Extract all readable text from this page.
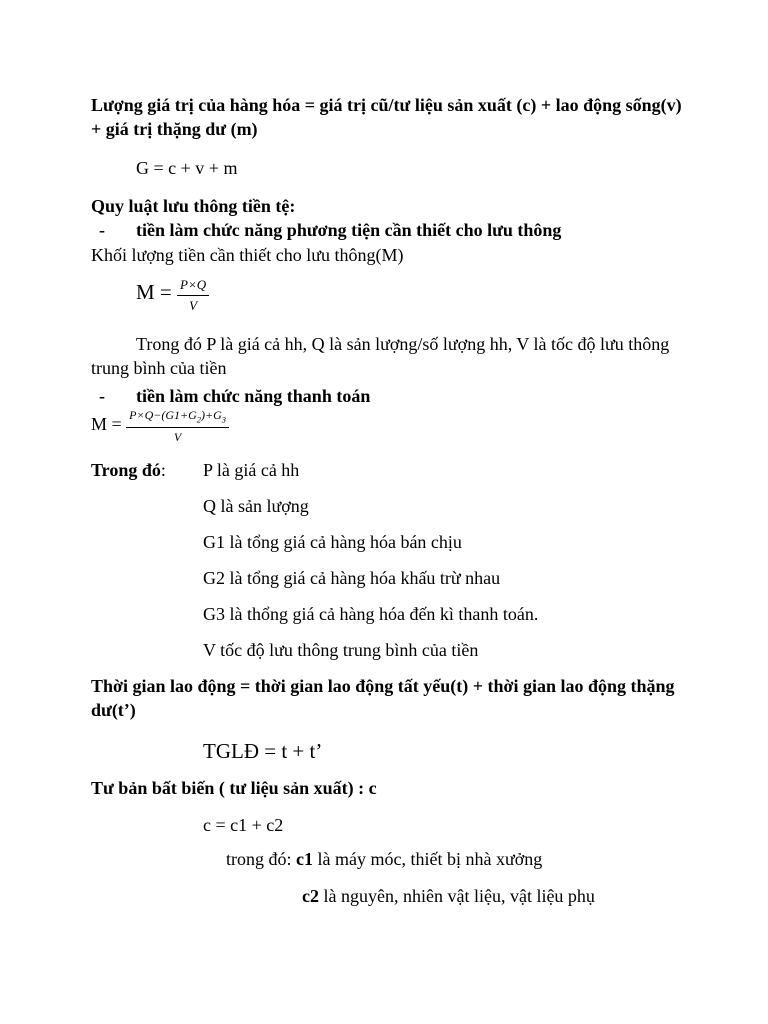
Lượng giá trị của hàng hóa = giá trị cũ/tư liệu sản xuất (c) + lao động sống(v) + giá trị thặng dư (m)

G = c + v + m
Quy luật lưu thông tiền tệ:
- tiền làm chức năng phương tiện cần thiết cho lưu thông
Khối lượng tiền cần thiết cho lưu thông(M)
$M = \frac{P\times Q}{V}$

Trong đó P là giá cả hh, Q là sản lượng/số lượng hh, V là tốc độ lưu thông trung bình của tiền

- tiền làm chức năng thanh toán
$M = \frac{P\times Q-(G1+G_2)+G_3}{V}$
Trong đó:	P là giá cả hh
Q là sản lượng
G1 là tổng giá cả hàng hóa bán chịu
G2 là tổng giá cả hàng hóa khấu trừ nhau
G3 là thổng giá cả hàng hóa đến kì thanh toán.
V tốc độ lưu thông trung bình của tiền

Thời gian lao động = thời gian lao động tất yếu(t) + thời gian lao động thặng dư(t’)

TGLĐ = t + t’
Tư bản bất biến ( tư liệu sản xuất) : c
c = c1 + c2
trong đó: c1 là máy móc, thiết bị nhà xưởng
c2 là nguyên, nhiên vật liệu, vật liệu phụ
